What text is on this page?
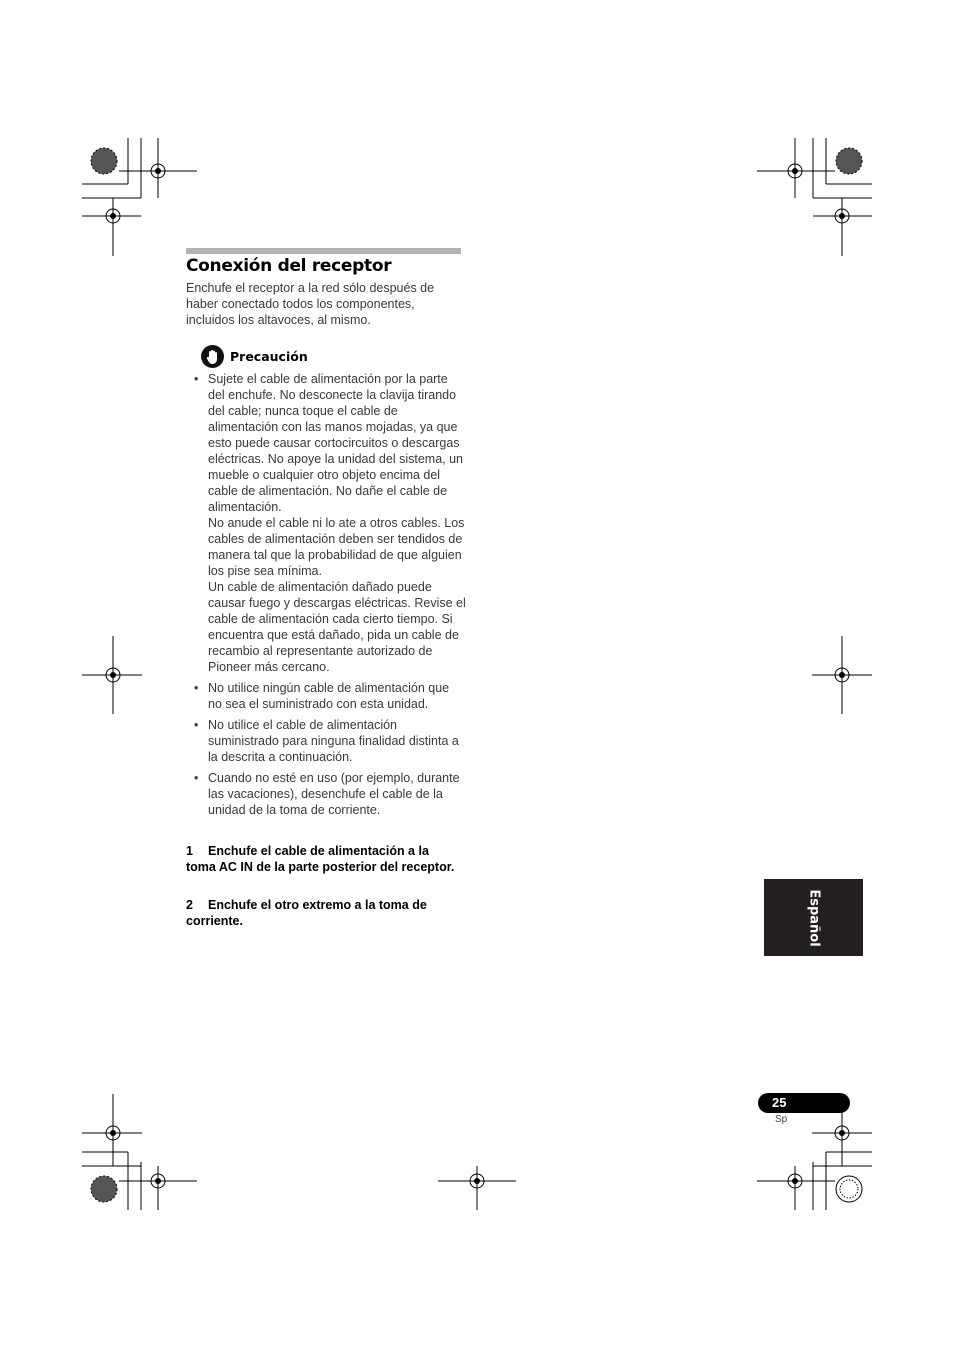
Conexión del receptor
Enchufe el receptor a la red sólo después de haber conectado todos los componentes, incluidos los altavoces, al mismo.
Precaución
• Sujete el cable de alimentación por la parte del enchufe. No desconecte la clavija tirando del cable; nunca toque el cable de alimentación con las manos mojadas, ya que esto puede causar cortocircuitos o descargas eléctricas. No apoye la unidad del sistema, un mueble o cualquier otro objeto encima del cable de alimentación. No dañe el cable de alimentación.
No anude el cable ni lo ate a otros cables. Los cables de alimentación deben ser tendidos de manera tal que la probabilidad de que alguien los pise sea mínima.
Un cable de alimentación dañado puede causar fuego y descargas eléctricas. Revise el cable de alimentación cada cierto tiempo. Si encuentra que está dañado, pida un cable de recambio al representante autorizado de Pioneer más cercano.
• No utilice ningún cable de alimentación que no sea el suministrado con esta unidad.
• No utilice el cable de alimentación suministrado para ninguna finalidad distinta a la descrita a continuación.
• Cuando no esté en uso (por ejemplo, durante las vacaciones), desenchufe el cable de la unidad de la toma de corriente.
1 Enchufe el cable de alimentación a la toma AC IN de la parte posterior del receptor.
2 Enchufe el otro extremo a la toma de corriente.	Español
25
Sp
